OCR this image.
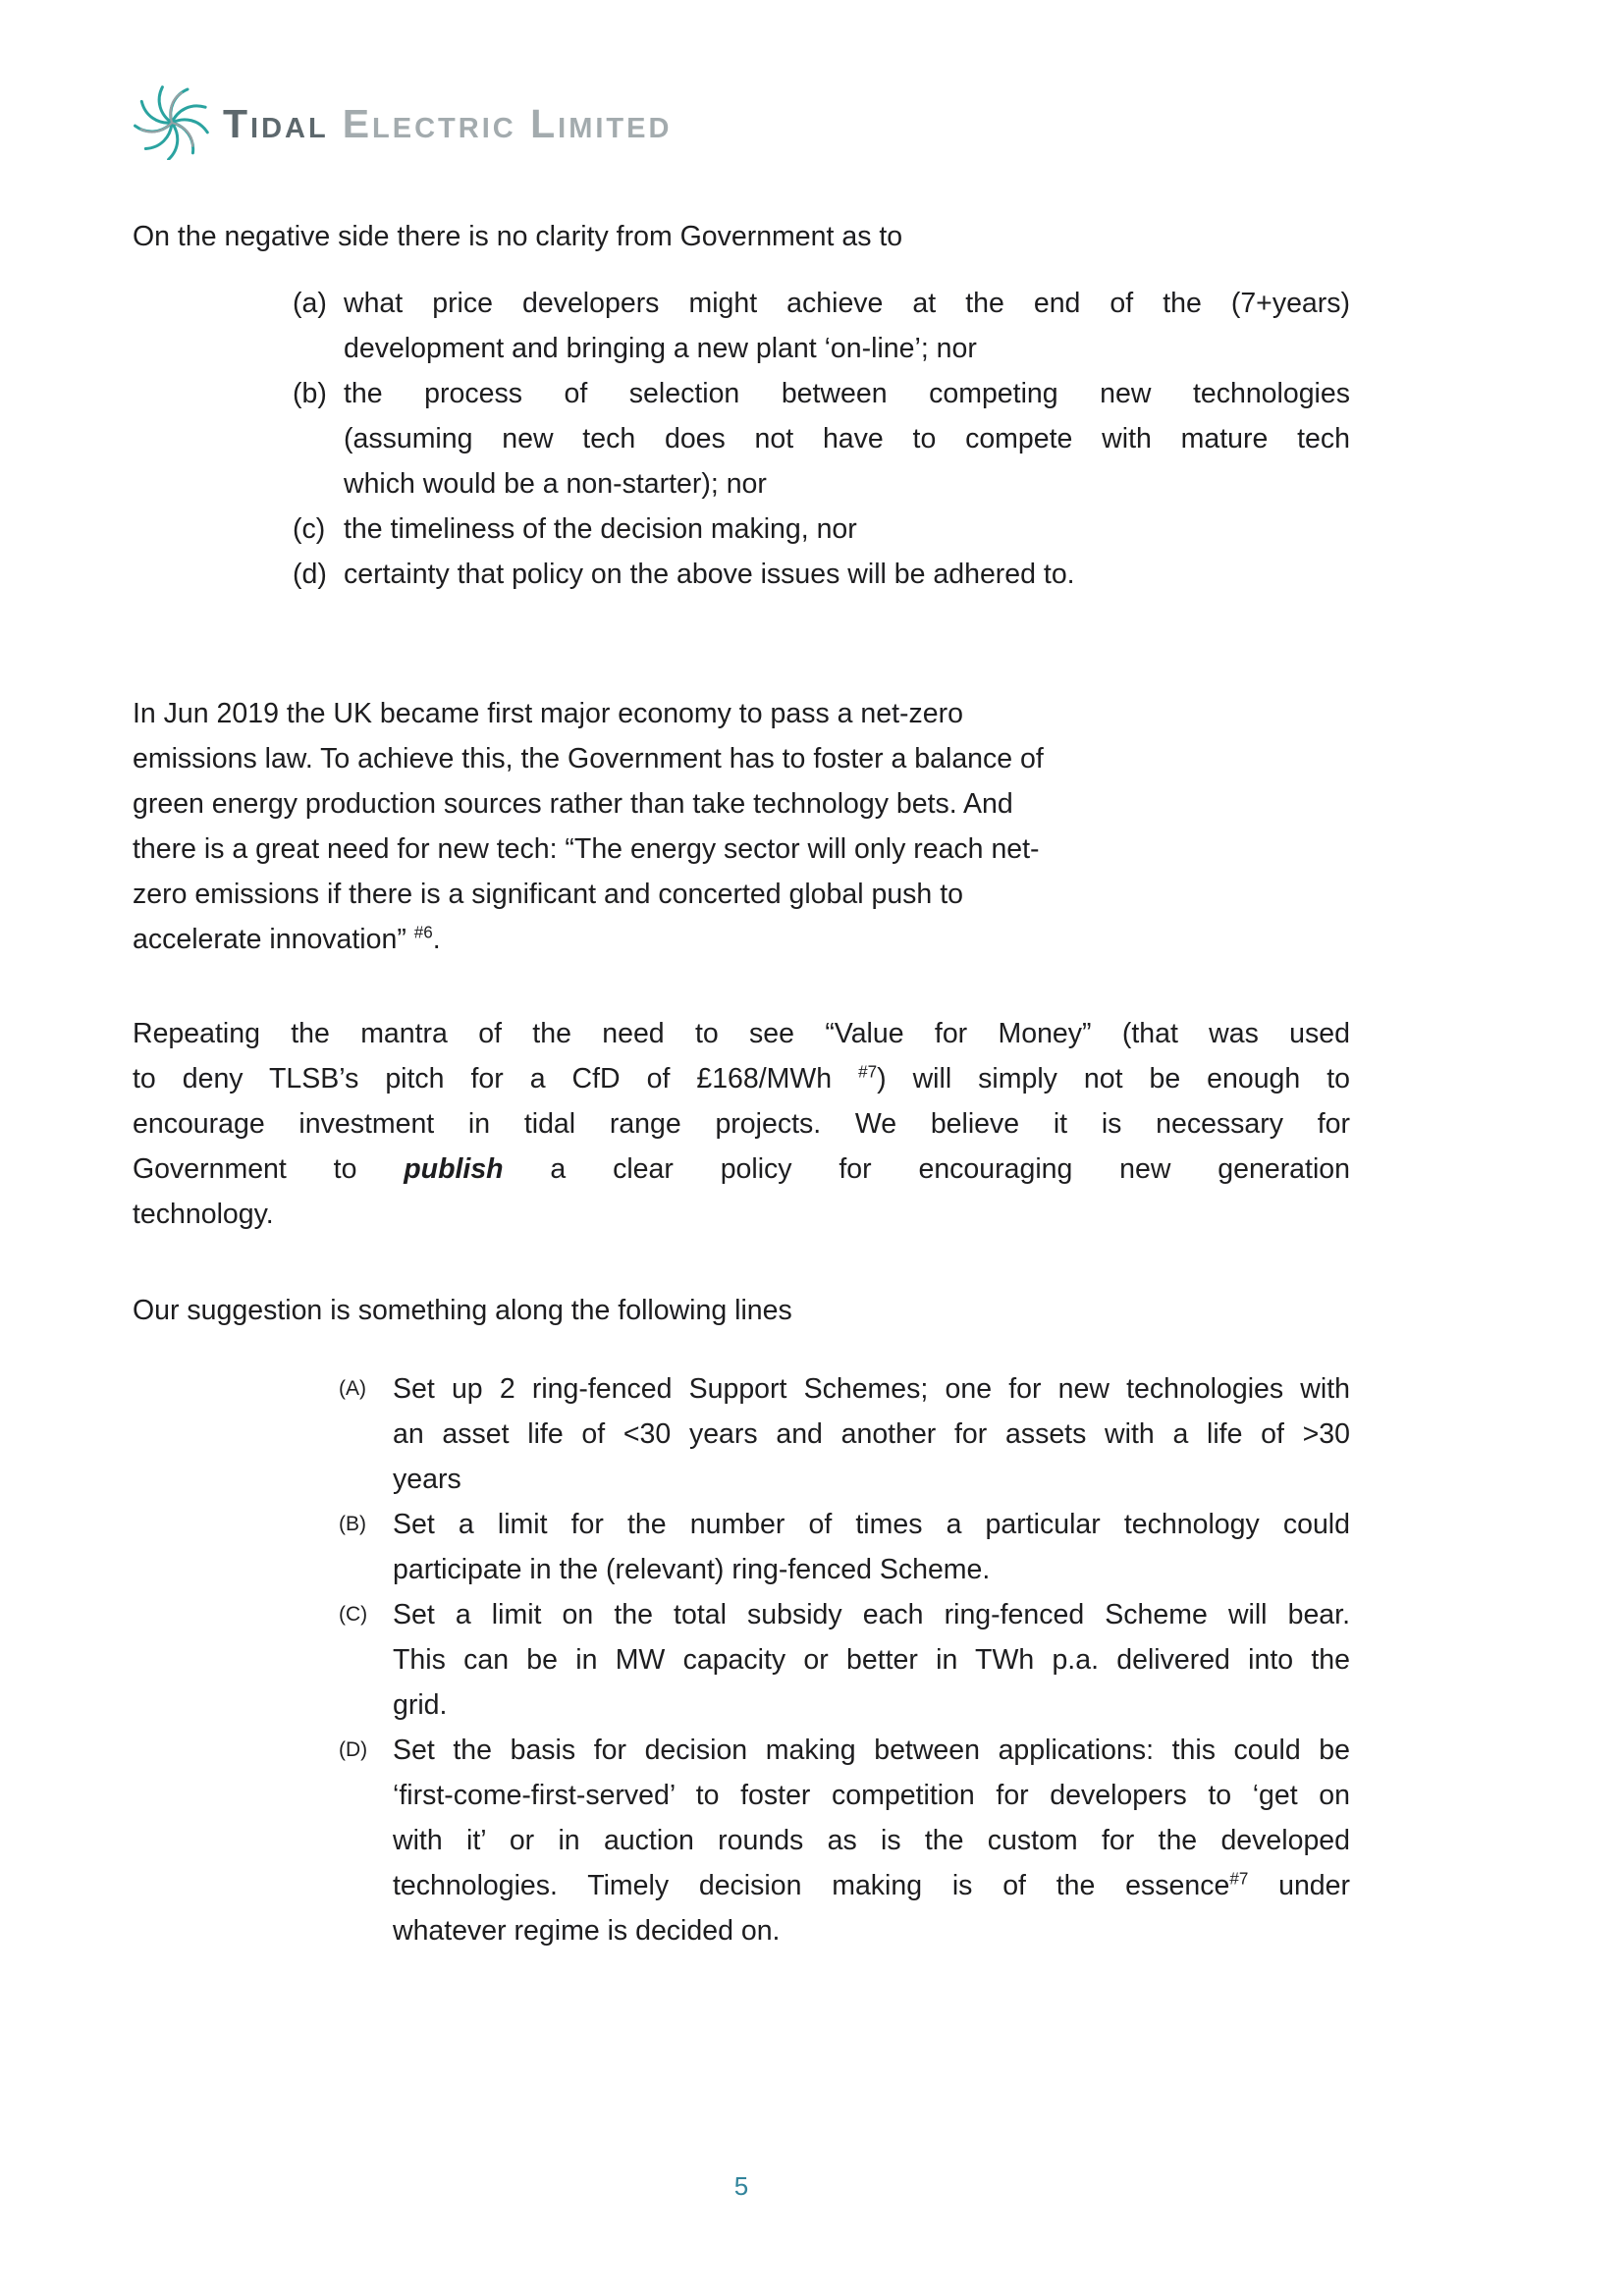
Tidal Electric Limited
On the negative side there is no clarity from Government as to
(a) what price developers might achieve at the end of the (7+years)
development and bringing a new plant ‘on-line’; nor
(b) the process of selection between competing new technologies
(assuming new tech does not have to compete with mature tech
which would be a non-starter); nor
(c) the timeliness of the decision making, nor
(d) certainty that policy on the above issues will be adhered to.
In Jun 2019 the UK became first major economy to pass a net-zero
emissions law. To achieve this, the Government has to foster a balance of
green energy production sources rather than take technology bets. And
there is a great need for new tech: “The energy sector will only reach net-
zero emissions if there is a significant and concerted global push to
accelerate innovation” $^{\#6}$.
Repeating the mantra of the need to see “Value for Money” (that was used
to deny TLSB’s pitch for a CfD of £168/MWh $^{\#7}$) will simply not be enough to
encourage investment in tidal range projects. We believe it is necessary for
Government to publish a clear policy for encouraging new generation
technology.
Our suggestion is something along the following lines
(A) Set up 2 ring-fenced Support Schemes; one for new technologies with
an asset life of <30 years and another for assets with a life of >30
years
(B) Set a limit for the number of times a particular technology could
participate in the (relevant) ring-fenced Scheme.
(C) Set a limit on the total subsidy each ring-fenced Scheme will bear.
This can be in MW capacity or better in TWh p.a. delivered into the
grid.
(D) Set the basis for decision making between applications: this could be
‘first-come-first-served’ to foster competition for developers to ‘get on
with it’ or in auction rounds as is the custom for the developed
technologies. Timely decision making is of the essence$^{\#7}$ under
whatever regime is decided on.
5
